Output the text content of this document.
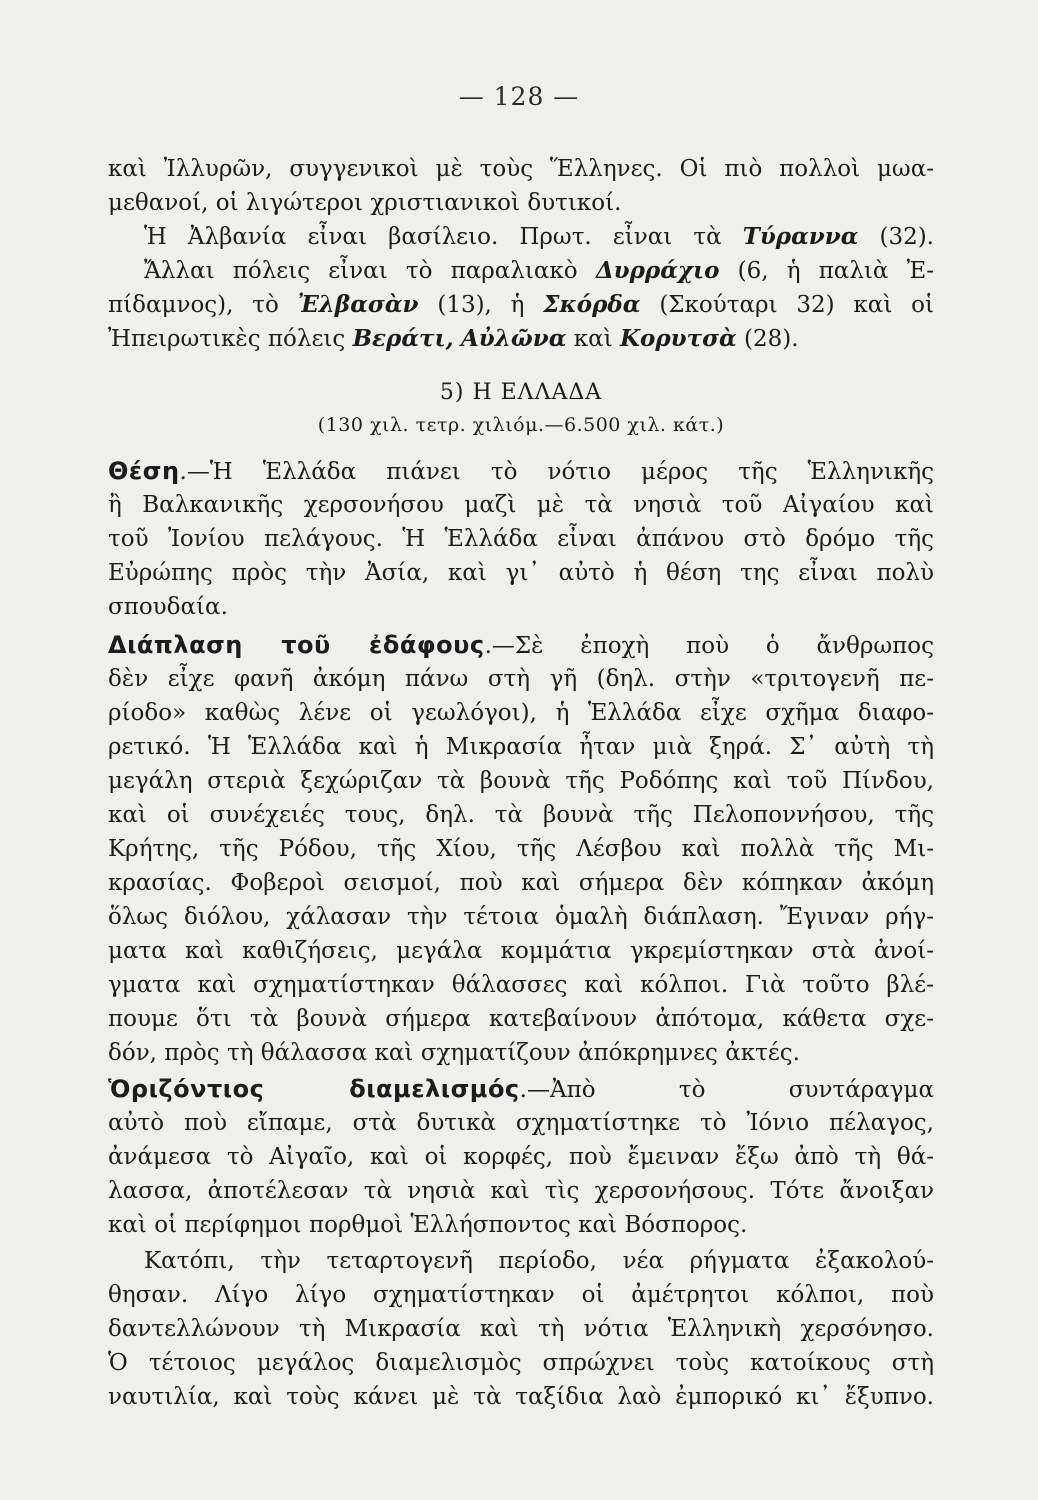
— 128 —
καὶ Ἰλλυρῶν, συγγενικοὶ μὲ τοὺς Ἕλληνες. Οἱ πιὸ πολλοὶ μωα-
μεθανοί, οἱ λιγώτεροι χριστιανικοὶ δυτικοί.
Ἡ Ἀλβανία εἶναι βασίλειο. Πρωτ. εἶναι τὰ Τύραννα (32).
Ἄλλαι πόλεις εἶναι τὸ παραλιακὸ Δυρράχιο (6, ἡ παλιὰ Ἐ-
πίδαμνος), τὸ Ἐλβασὰν (13), ἡ Σκόρδα (Σκούταρι 32) καὶ οἱ
Ἠπειρωτικὲς πόλεις Βεράτι, Αὐλῶνα καὶ Κορυτσὰ (28).
5) Η ΕΛΛΑΔΑ
(130 χιλ. τετρ. χιλιόμ.—6.500 χιλ. κάτ.)
Θέση.—Ἡ Ἑλλάδα πιάνει τὸ νότιο μέρος τῆς Ἑλληνικῆς
ἢ Βαλκανικῆς χερσονήσου μαζὶ μὲ τὰ νησιὰ τοῦ Αἰγαίου καὶ
τοῦ Ἰονίου πελάγους. Ἡ Ἑλλάδα εἶναι ἀπάνου στὸ δρόμο τῆς
Εὐρώπης πρὸς τὴν Ἀσία, καὶ γι᾽ αὐτὸ ἡ θέση της εἶναι πολὺ
σπουδαία.
Διάπλαση τοῦ ἐδάφους.—Σὲ ἐποχὴ ποὺ ὁ ἄνθρωπος
δὲν εἶχε φανῆ ἀκόμη πάνω στὴ γῆ (δηλ. στὴν «τριτογενῆ πε-
ρίοδο» καθὼς λένε οἱ γεωλόγοι), ἡ Ἑλλάδα εἶχε σχῆμα διαφο-
ρετικό. Ἡ Ἑλλάδα καὶ ἡ Μικρασία ἦταν μιὰ ξηρά. Σ᾽ αὐτὴ τὴ
μεγάλη στεριὰ ξεχώριζαν τὰ βουνὰ τῆς Ροδόπης καὶ τοῦ Πίνδου,
καὶ οἱ συνέχειές τους, δηλ. τὰ βουνὰ τῆς Πελοποννήσου, τῆς
Κρήτης, τῆς Ρόδου, τῆς Χίου, τῆς Λέσβου καὶ πολλὰ τῆς Μι-
κρασίας. Φοβεροὶ σεισμοί, ποὺ καὶ σήμερα δὲν κόπηκαν ἀκόμη
ὅλως διόλου, χάλασαν τὴν τέτοια ὁμαλὴ διάπλαση. Ἔγιναν ρήγ-
ματα καὶ καθιζήσεις, μεγάλα κομμάτια γκρεμίστηκαν στὰ ἀνοί-
γματα καὶ σχηματίστηκαν θάλασσες καὶ κόλποι. Γιὰ τοῦτο βλέ-
πουμε ὅτι τὰ βουνὰ σήμερα κατεβαίνουν ἀπότομα, κάθετα σχε-
δόν, πρὸς τὴ θάλασσα καὶ σχηματίζουν ἀπόκρημνες ἀκτές.
Ὁριζόντιος διαμελισμός.—Ἀπὸ τὸ συντάραγμα
αὐτὸ ποὺ εἴπαμε, στὰ δυτικὰ σχηματίστηκε τὸ Ἰόνιο πέλαγος,
ἀνάμεσα τὸ Αἰγαῖο, καὶ οἱ κορφές, ποὺ ἔμειναν ἔξω ἀπὸ τὴ θά-
λασσα, ἀποτέλεσαν τὰ νησιὰ καὶ τὶς χερσονήσους. Τότε ἄνοιξαν
καὶ οἱ περίφημοι πορθμοὶ Ἑλλήσποντος καὶ Βόσπορος.
Κατόπι, τὴν τεταρτογενῆ περίοδο, νέα ρήγματα ἐξακολού-
θησαν. Λίγο λίγο σχηματίστηκαν οἱ ἀμέτρητοι κόλποι, ποὺ
δαντελλώνουν τὴ Μικρασία καὶ τὴ νότια Ἑλληνικὴ χερσόνησο.
Ὁ τέτοιος μεγάλος διαμελισμὸς σπρώχνει τοὺς κατοίκους στὴ
ναυτιλία, καὶ τοὺς κάνει μὲ τὰ ταξίδια λαὸ ἐμπορικό κι᾽ ἔξυπνο.
